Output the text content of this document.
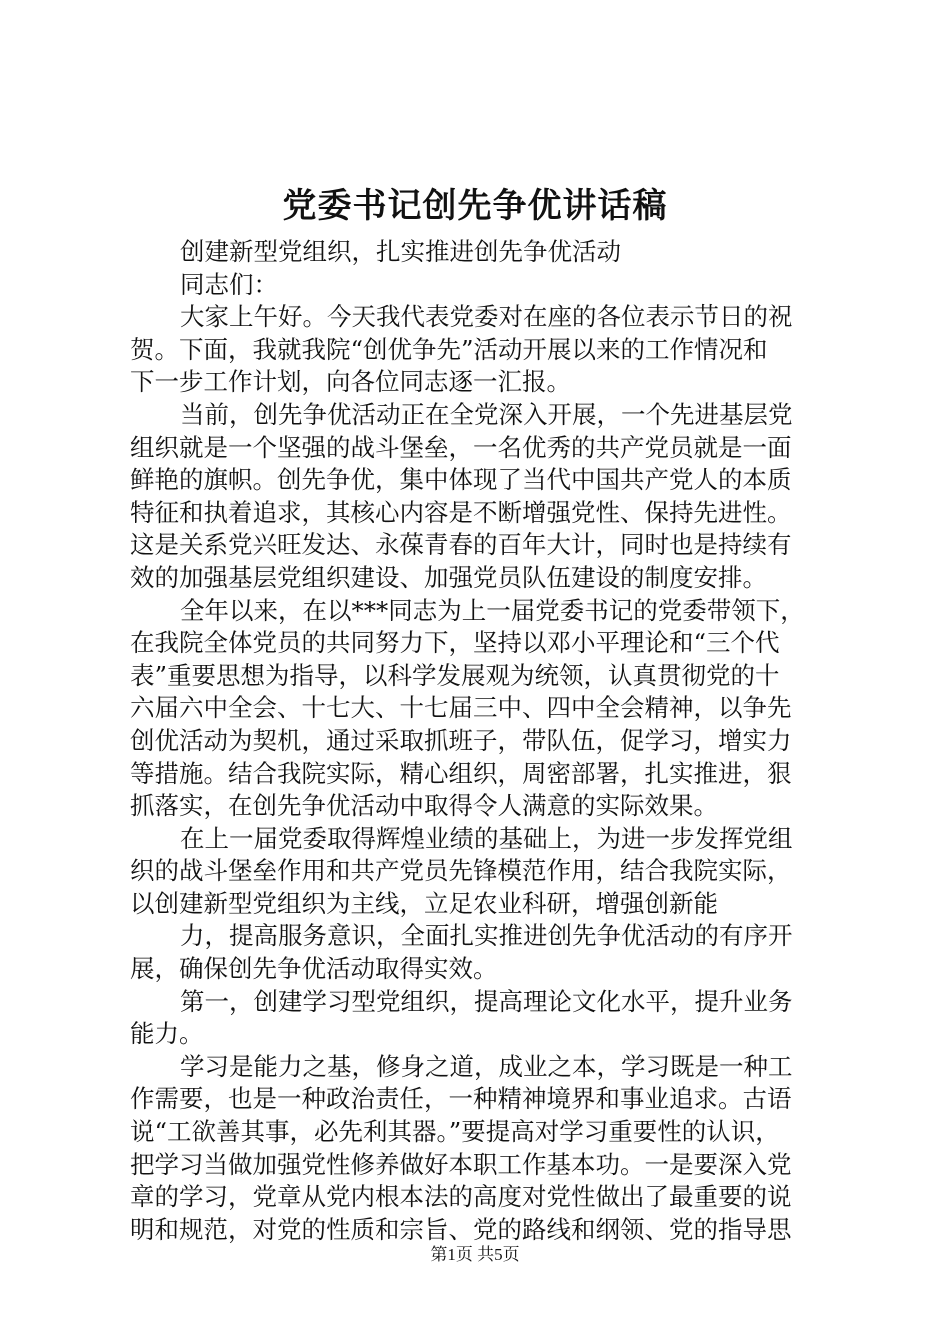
党委书记创先争优讲话稿
创建新型党组织，扎实推进创先争优活动
同志们：
大家上午好。今天我代表党委对在座的各位表示节日的祝
贺。下面，我就我院“创优争先”活动开展以来的工作情况和
下一步工作计划，向各位同志逐一汇报。
当前，创先争优活动正在全党深入开展，一个先进基层党
组织就是一个坚强的战斗堡垒，一名优秀的共产党员就是一面
鲜艳的旗帜。创先争优，集中体现了当代中国共产党人的本质
特征和执着追求，其核心内容是不断增强党性、保持先进性。
这是关系党兴旺发达、永葆青春的百年大计，同时也是持续有
效的加强基层党组织建设、加强党员队伍建设的制度安排。
全年以来，在以***同志为上一届党委书记的党委带领下，
在我院全体党员的共同努力下，坚持以邓小平理论和“三个代
表”重要思想为指导，以科学发展观为统领，认真贯彻党的十
六届六中全会、十七大、十七届三中、四中全会精神，以争先
创优活动为契机，通过采取抓班子，带队伍，促学习，增实力
等措施。结合我院实际，精心组织，周密部署，扎实推进，狠
抓落实，在创先争优活动中取得令人满意的实际效果。
在上一届党委取得辉煌业绩的基础上，为进一步发挥党组
织的战斗堡垒作用和共产党员先锋模范作用，结合我院实际，
以创建新型党组织为主线，立足农业科研，增强创新能
力，提高服务意识，全面扎实推进创先争优活动的有序开
展，确保创先争优活动取得实效。
第一，创建学习型党组织，提高理论文化水平，提升业务
能力。
学习是能力之基，修身之道，成业之本，学习既是一种工
作需要，也是一种政治责任，一种精神境界和事业追求。古语
说“工欲善其事，必先利其器。”要提高对学习重要性的认识，
把学习当做加强党性修养做好本职工作基本功。一是要深入党
章的学习，党章从党内根本法的高度对党性做出了最重要的说
明和规范，对党的性质和宗旨、党的路线和纲领、党的指导思
第1页 共5页
